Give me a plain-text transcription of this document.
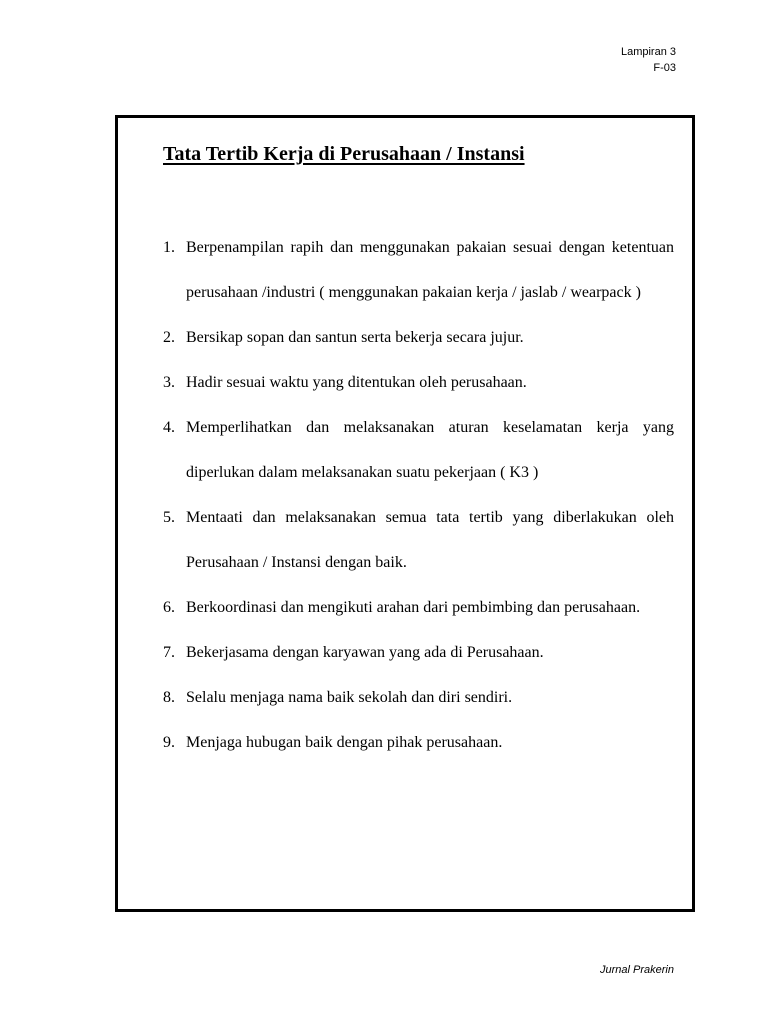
Lampiran 3
F-03
Tata Tertib Kerja di Perusahaan / Instansi
1. Berpenampilan rapih dan menggunakan pakaian sesuai dengan ketentuan perusahaan /industri ( menggunakan pakaian kerja / jaslab / wearpack )
2. Bersikap sopan dan santun serta bekerja secara jujur.
3. Hadir sesuai waktu yang ditentukan oleh perusahaan.
4. Memperlihatkan dan melaksanakan aturan keselamatan kerja yang diperlukan dalam melaksanakan suatu pekerjaan ( K3 )
5. Mentaati dan melaksanakan semua tata tertib yang diberlakukan oleh Perusahaan / Instansi dengan baik.
6. Berkoordinasi dan mengikuti arahan dari pembimbing dan perusahaan.
7. Bekerjasama dengan karyawan yang ada di Perusahaan.
8. Selalu menjaga nama baik sekolah dan diri sendiri.
9. Menjaga hubugan baik dengan pihak perusahaan.
Jurnal Prakerin
